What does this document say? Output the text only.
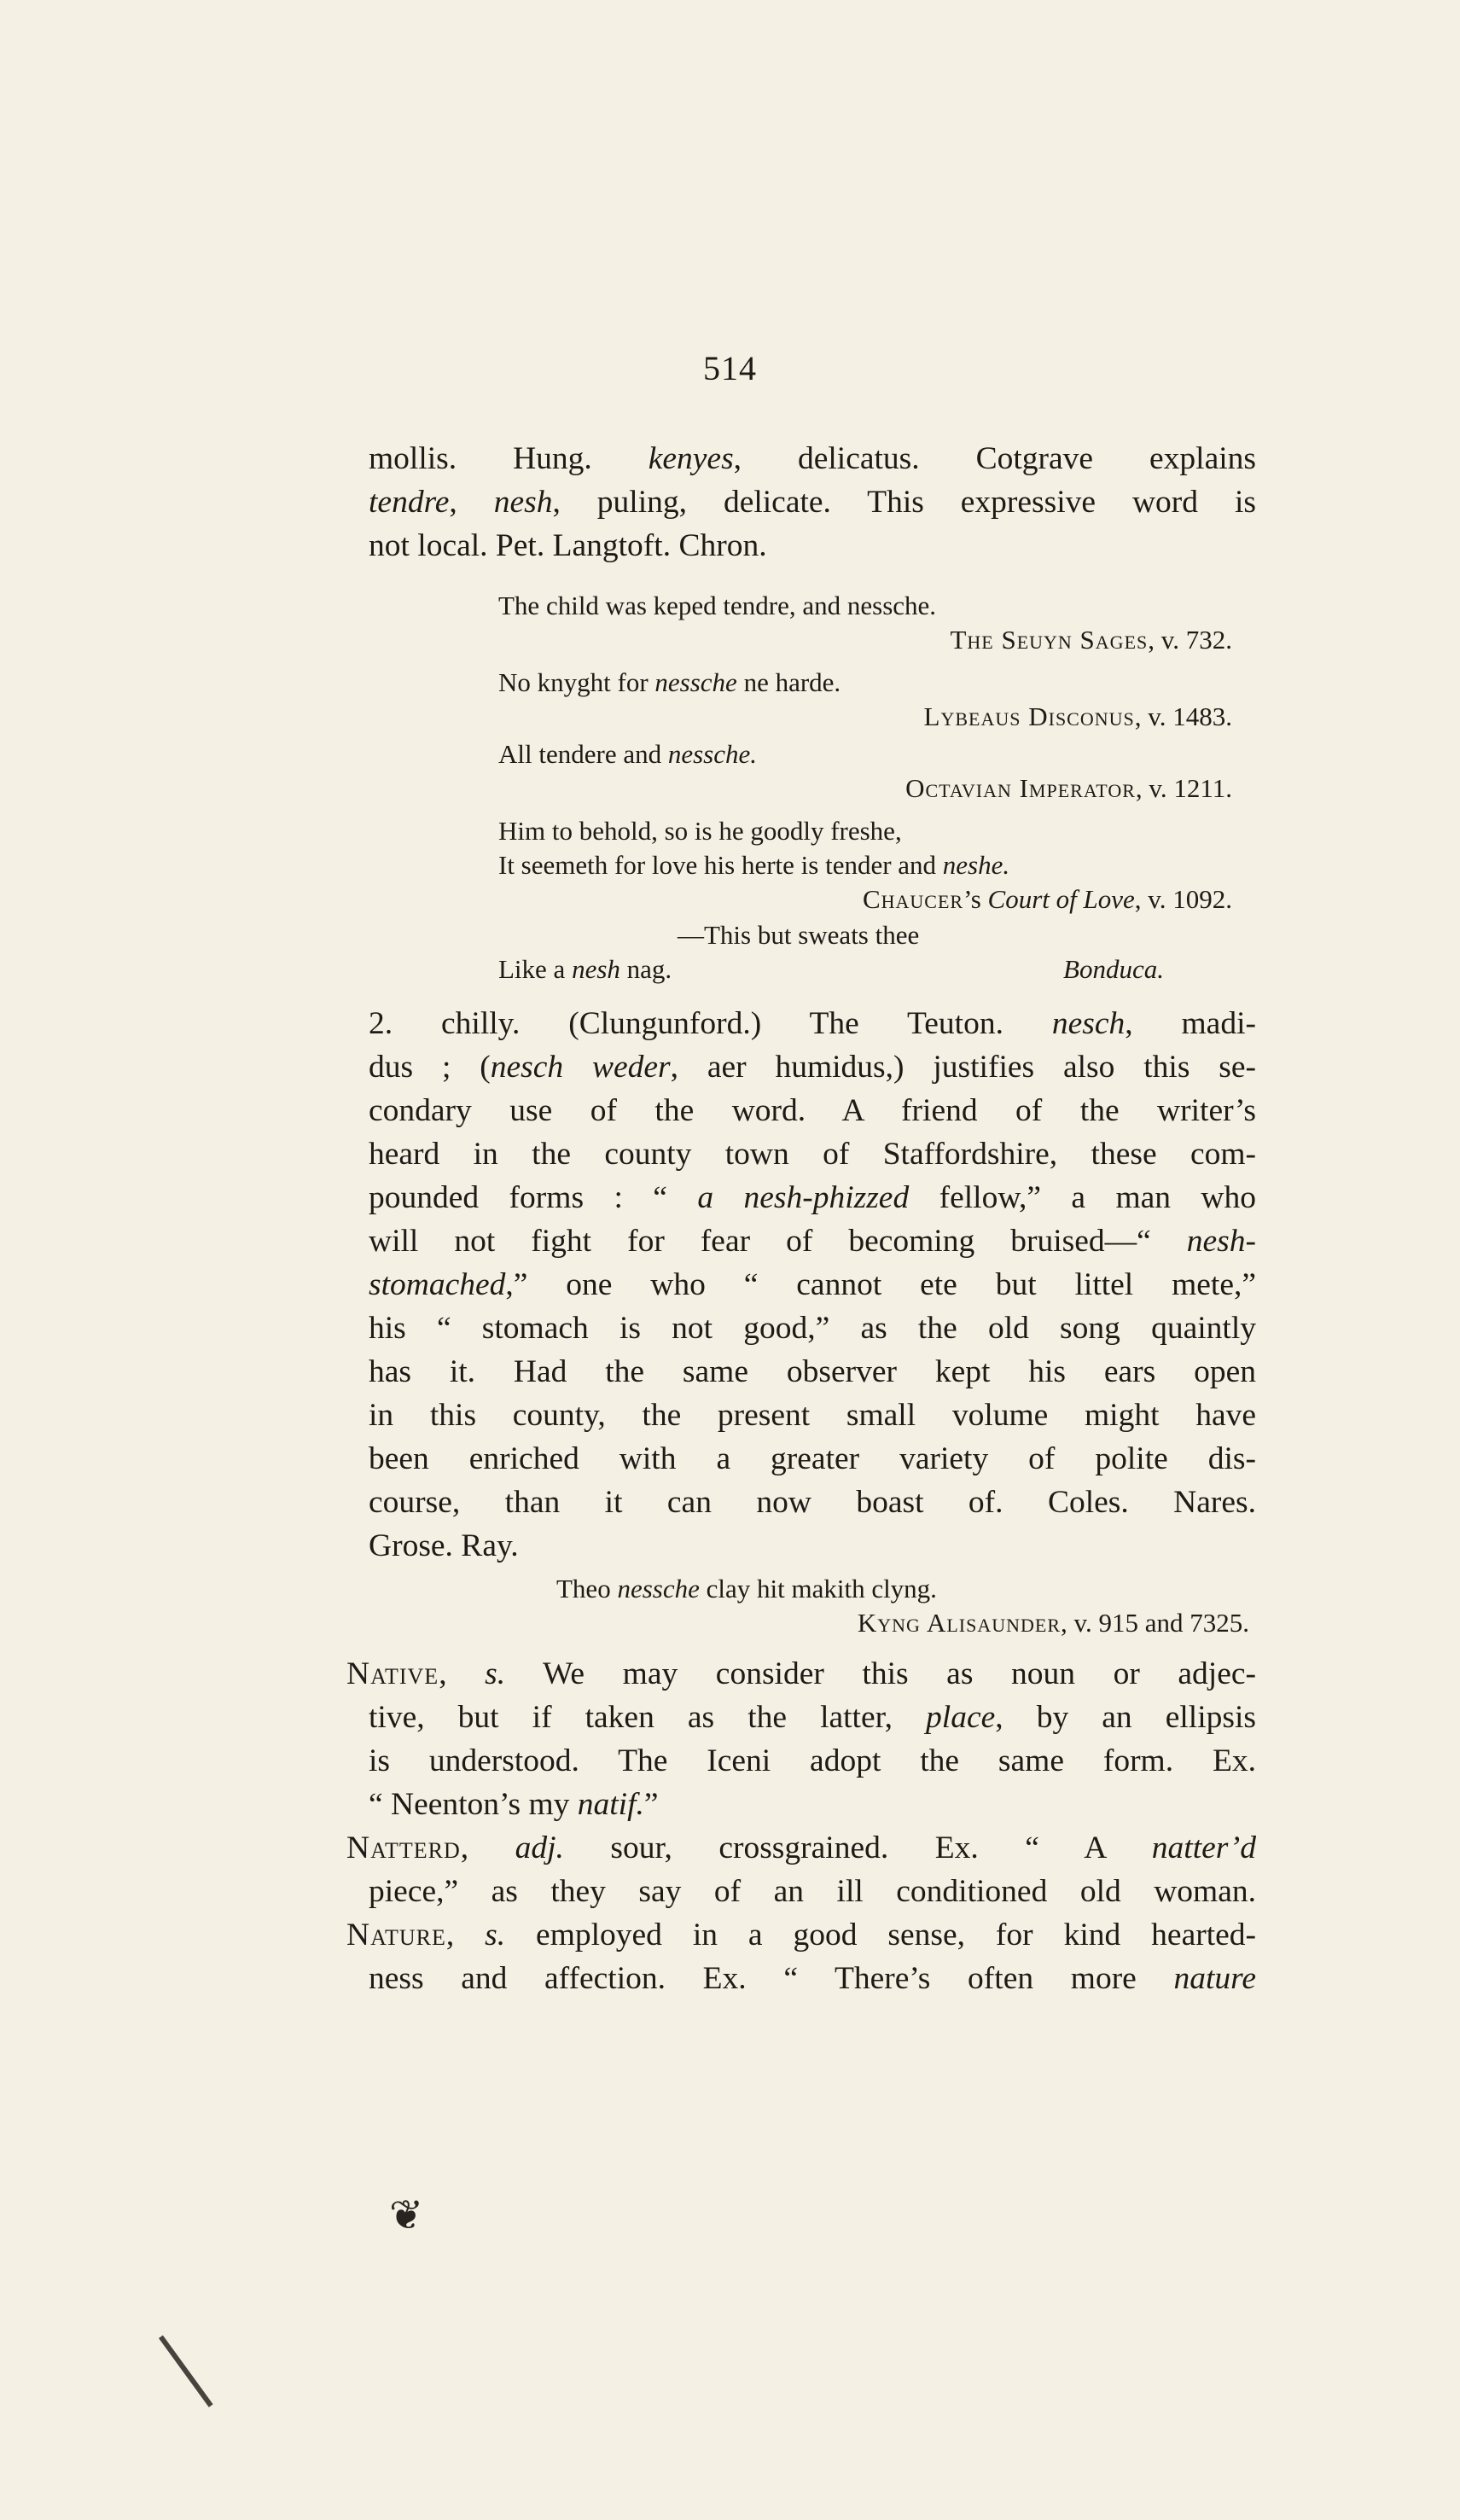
514
mollis. Hung. kenyes, delicatus. Cotgrave explains
tendre, nesh, puling, delicate. This expressive word is
not local. Pet. Langtoft. Chron.
The child was keped tendre, and nessche.
The Seuyn Sages, v. 732.
No knyght for nessche ne harde.
Lybeaus Disconus, v. 1483.
All tendere and nessche.
Octavian Imperator, v. 1211.
Him to behold, so is he goodly freshe,
It seemeth for love his herte is tender and neshe.
Chaucer’s Court of Love, v. 1092.
—This but sweats thee
Like a nesh nag.	Bonduca.
2. chilly. (Clungunford.) The Teuton. nesch, madi-
dus ; (nesch weder, aer humidus,) justifies also this se-
condary use of the word. A friend of the writer’s
heard in the county town of Staffordshire, these com-
pounded forms : “ a nesh-phizzed fellow,” a man who
will not fight for fear of becoming bruised—“ nesh-
stomached,” one who “ cannot ete but littel mete,”
his “ stomach is not good,” as the old song quaintly
has it. Had the same observer kept his ears open
in this county, the present small volume might have
been enriched with a greater variety of polite dis-
course, than it can now boast of. Coles. Nares.
Grose. Ray.
Theo nessche clay hit makith clyng.
Kyng Alisaunder, v. 915 and 7325.
Native, s. We may consider this as noun or adjec-
tive, but if taken as the latter, place, by an ellipsis
is understood. The Iceni adopt the same form. Ex.
“ Neenton’s my natif.”
Natterd, adj. sour, crossgrained. Ex. “ A natter’d
piece,” as they say of an ill conditioned old woman.
Nature, s. employed in a good sense, for kind hearted-
ness and affection. Ex. “ There’s often more nature
❦
